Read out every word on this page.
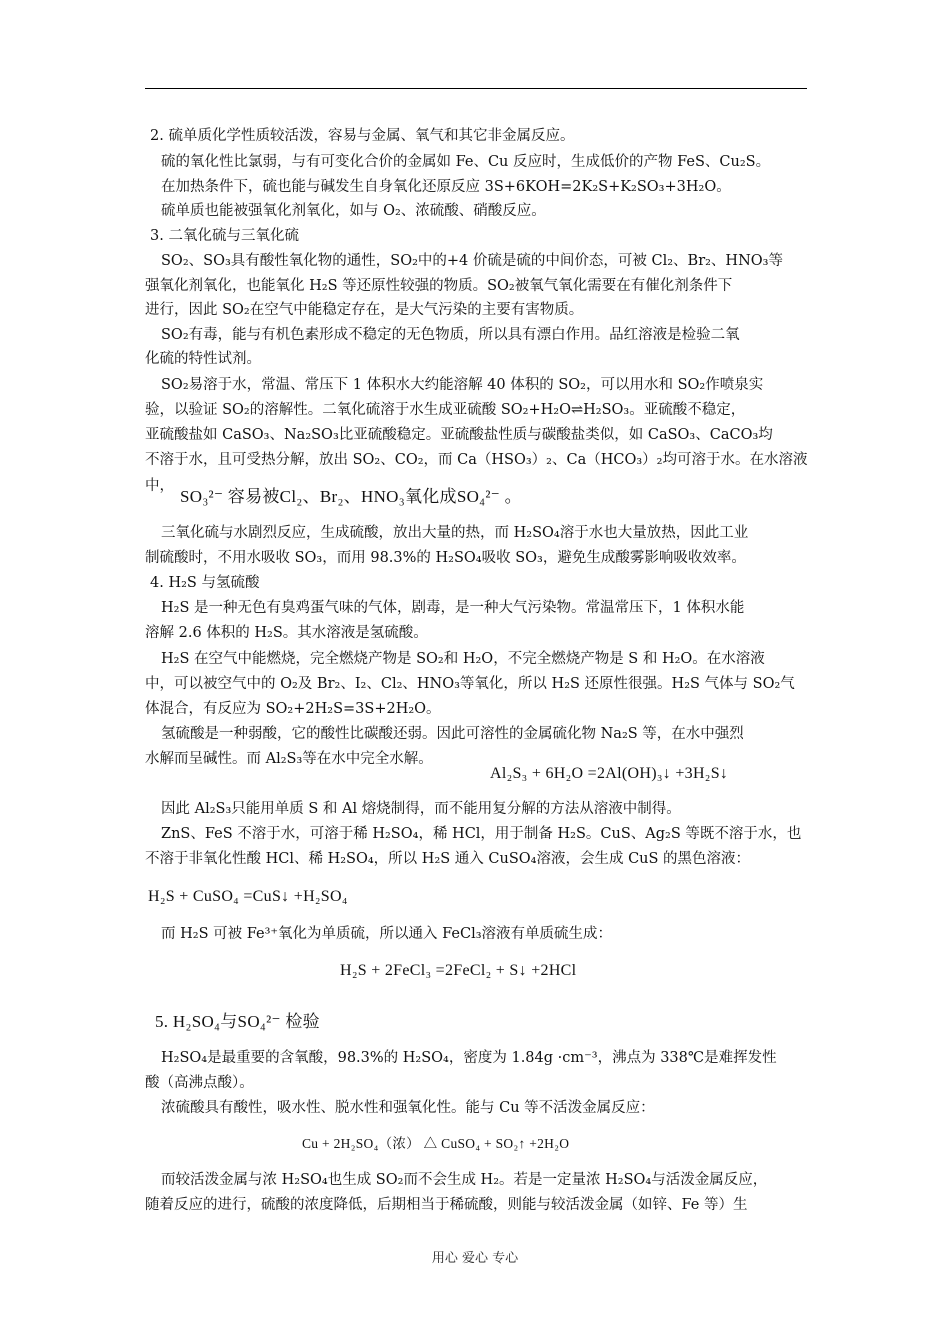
2. 硫单质化学性质较活泼，容易与金属、氧气和其它非金属反应。
硫的氧化性比氯弱，与有可变化合价的金属如 Fe、Cu 反应时，生成低价的产物 FeS、Cu₂S。
在加热条件下，硫也能与碱发生自身氧化还原反应 3S+6KOH=2K₂S+K₂SO₃+3H₂O。
硫单质也能被强氧化剂氧化，如与 O₂、浓硫酸、硝酸反应。
3. 二氧化硫与三氧化硫
SO₂、SO₃具有酸性氧化物的通性，SO₂中的+4 价硫是硫的中间价态，可被 Cl₂、Br₂、HNO₃等
强氧化剂氧化，也能氧化 H₂S 等还原性较强的物质。SO₂被氧气氧化需要在有催化剂条件下
进行，因此 SO₂在空气中能稳定存在，是大气污染的主要有害物质。
SO₂有毒，能与有机色素形成不稳定的无色物质，所以具有漂白作用。品红溶液是检验二氧
化硫的特性试剂。
SO₂易溶于水，常温、常压下 1 体积水大约能溶解 40 体积的 SO₂，可以用水和 SO₂作喷泉实
验，以验证 SO₂的溶解性。二氧化硫溶于水生成亚硫酸 SO₂+H₂O⇌H₂SO₃。亚硫酸不稳定，
亚硫酸盐如 CaSO₃、Na₂SO₃比亚硫酸稳定。亚硫酸盐性质与碳酸盐类似，如 CaSO₃、CaCO₃均
不溶于水，且可受热分解，放出 SO₂、CO₂，而 Ca（HSO₃）₂、Ca（HCO₃）₂均可溶于水。在水溶液
中，
三氧化硫与水剧烈反应，生成硫酸，放出大量的热，而 H₂SO₄溶于水也大量放热，因此工业
制硫酸时，不用水吸收 SO₃，而用 98.3%的 H₂SO₄吸收 SO₃，避免生成酸雾影响吸收效率。
4. H₂S 与氢硫酸
H₂S 是一种无色有臭鸡蛋气味的气体，剧毒，是一种大气污染物。常温常压下，1 体积水能
溶解 2.6 体积的 H₂S。其水溶液是氢硫酸。
H₂S 在空气中能燃烧，完全燃烧产物是 SO₂和 H₂O，不完全燃烧产物是 S 和 H₂O。在水溶液
中，可以被空气中的 O₂及 Br₂、I₂、Cl₂、HNO₃等氧化，所以 H₂S 还原性很强。H₂S 气体与 SO₂气
体混合，有反应为 SO₂+2H₂S=3S+2H₂O。
氢硫酸是一种弱酸，它的酸性比碳酸还弱。因此可溶性的金属硫化物 Na₂S 等，在水中强烈
水解而呈碱性。而 Al₂S₃等在水中完全水解。
因此 Al₂S₃只能用单质 S 和 Al 熔烧制得，而不能用复分解的方法从溶液中制得。
ZnS、FeS 不溶于水，可溶于稀 H₂SO₄，稀 HCl，用于制备 H₂S。CuS、Ag₂S 等既不溶于水，也
不溶于非氧化性酸 HCl、稀 H₂SO₄，所以 H₂S 通入 CuSO₄溶液，会生成 CuS 的黑色溶液：
而 H₂S 可被 Fe³⁺氧化为单质硫，所以通入 FeCl₃溶液有单质硫生成：
H₂SO₄是最重要的含氧酸，98.3%的 H₂SO₄，密度为 1.84g ·cm⁻³，沸点为 338℃是难挥发性
酸（高沸点酸）。
浓硫酸具有酸性，吸水性、脱水性和强氧化性。能与 Cu 等不活泼金属反应：
而较活泼金属与浓 H₂SO₄也生成 SO₂而不会生成 H₂。若是一定量浓 H₂SO₄与活泼金属反应，
随着反应的进行，硫酸的浓度降低，后期相当于稀硫酸，则能与较活泼金属（如锌、Fe 等）生
SO₃²⁻ 容易被Cl₂、Br₂、HNO₃氧化成SO₄²⁻ 。
Al₂S₃ + 6H₂O =2Al(OH)₃↓ +3H₂S↓
H₂S + CuSO₄ =CuS↓ +H₂SO₄
H₂S + 2FeCl₃ =2FeCl₂ + S↓ +2HCl
5. H₂SO₄与SO₄²⁻ 检验
Cu + 2H₂SO₄（浓） △ CuSO₄ + SO₂↑ +2H₂O
用心 爱心 专心
